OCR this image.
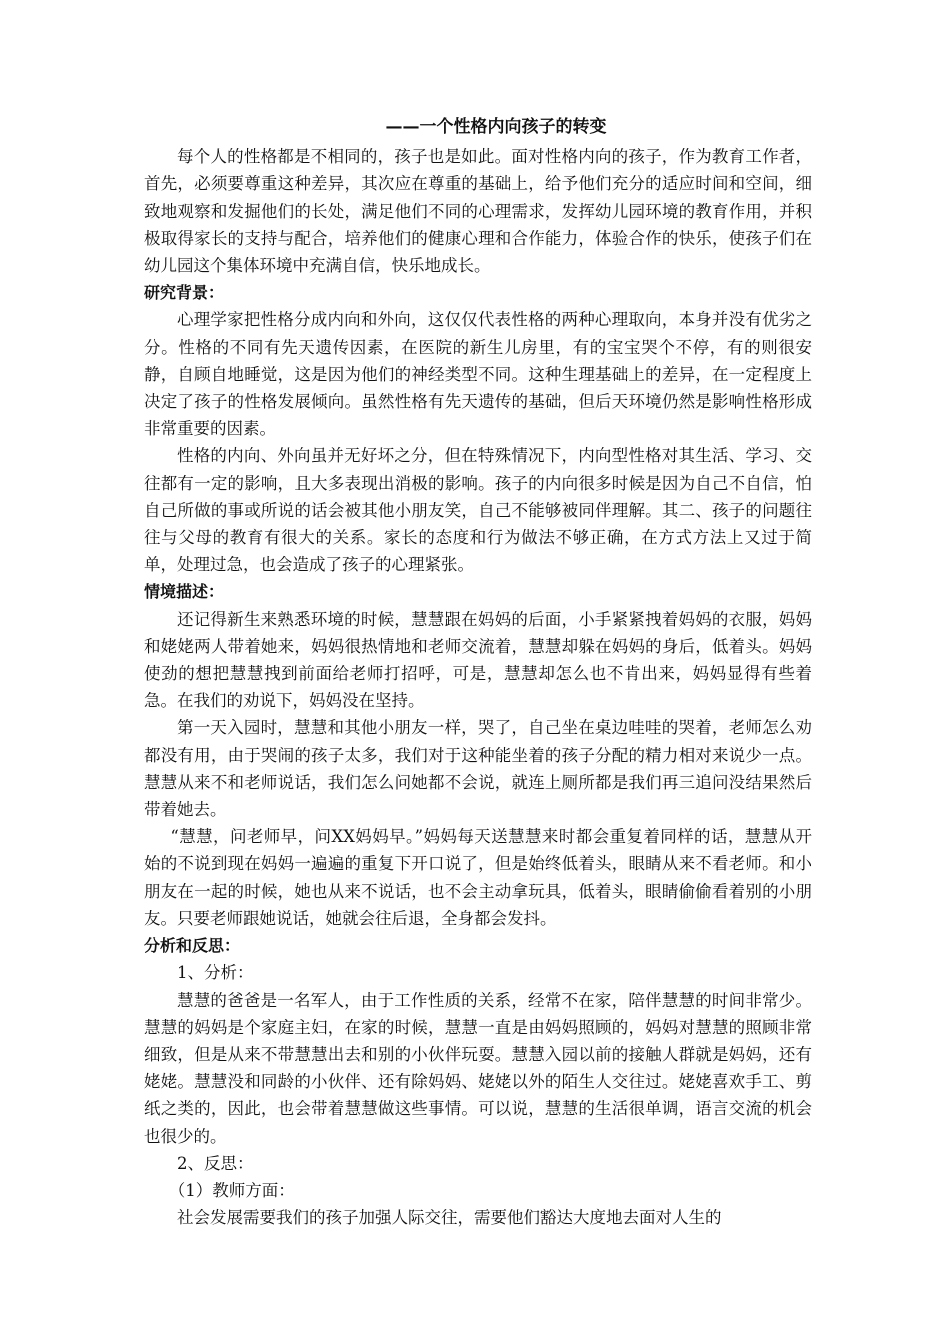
——一个性格内向孩子的转变

每个人的性格都是不相同的，孩子也是如此。面对性格内向的孩子，作为教育工作者，首先，必须要尊重这种差异，其次应在尊重的基础上，给予他们充分的适应时间和空间，细致地观察和发掘他们的长处，满足他们不同的心理需求，发挥幼儿园环境的教育作用，并积极取得家长的支持与配合，培养他们的健康心理和合作能力，体验合作的快乐，使孩子们在幼儿园这个集体环境中充满自信，快乐地成长。

研究背景：

心理学家把性格分成内向和外向，这仅仅代表性格的两种心理取向，本身并没有优劣之分。性格的不同有先天遗传因素，在医院的新生儿房里，有的宝宝哭个不停，有的则很安静，自顾自地睡觉，这是因为他们的神经类型不同。这种生理基础上的差异，在一定程度上决定了孩子的性格发展倾向。虽然性格有先天遗传的基础，但后天环境仍然是影响性格形成非常重要的因素。

性格的内向、外向虽并无好坏之分，但在特殊情况下，内向型性格对其生活、学习、交往都有一定的影响，且大多表现出消极的影响。孩子的内向很多时候是因为自己不自信，怕自己所做的事或所说的话会被其他小朋友笑，自己不能够被同伴理解。其二、孩子的问题往往与父母的教育有很大的关系。家长的态度和行为做法不够正确，在方式方法上又过于简单，处理过急，也会造成了孩子的心理紧张。

情境描述：

还记得新生来熟悉环境的时候，慧慧跟在妈妈的后面，小手紧紧拽着妈妈的衣服，妈妈和姥姥两人带着她来，妈妈很热情地和老师交流着，慧慧却躲在妈妈的身后，低着头。妈妈使劲的想把慧慧拽到前面给老师打招呼，可是，慧慧却怎么也不肯出来，妈妈显得有些着急。在我们的劝说下，妈妈没在坚持。

第一天入园时，慧慧和其他小朋友一样，哭了，自己坐在桌边哇哇的哭着，老师怎么劝都没有用，由于哭闹的孩子太多，我们对于这种能坐着的孩子分配的精力相对来说少一点。慧慧从来不和老师说话，我们怎么问她都不会说，就连上厕所都是我们再三追问没结果然后带着她去。

“慧慧，问老师早，问XX妈妈早。”妈妈每天送慧慧来时都会重复着同样的话，慧慧从开始的不说到现在妈妈一遍遍的重复下开口说了，但是始终低着头，眼睛从来不看老师。和小朋友在一起的时候，她也从来不说话，也不会主动拿玩具，低着头，眼睛偷偷看着别的小朋友。只要老师跟她说话，她就会往后退，全身都会发抖。

分析和反思：
1、分析：

慧慧的爸爸是一名军人，由于工作性质的关系，经常不在家，陪伴慧慧的时间非常少。慧慧的妈妈是个家庭主妇，在家的时候，慧慧一直是由妈妈照顾的，妈妈对慧慧的照顾非常细致，但是从来不带慧慧出去和别的小伙伴玩耍。慧慧入园以前的接触人群就是妈妈，还有姥姥。慧慧没和同龄的小伙伴、还有除妈妈、姥姥以外的陌生人交往过。姥姥喜欢手工、剪纸之类的，因此，也会带着慧慧做这些事情。可以说，慧慧的生活很单调，语言交流的机会也很少的。

2、反思：
（1）教师方面：

社会发展需要我们的孩子加强人际交往，需要他们豁达大度地去面对人生的
